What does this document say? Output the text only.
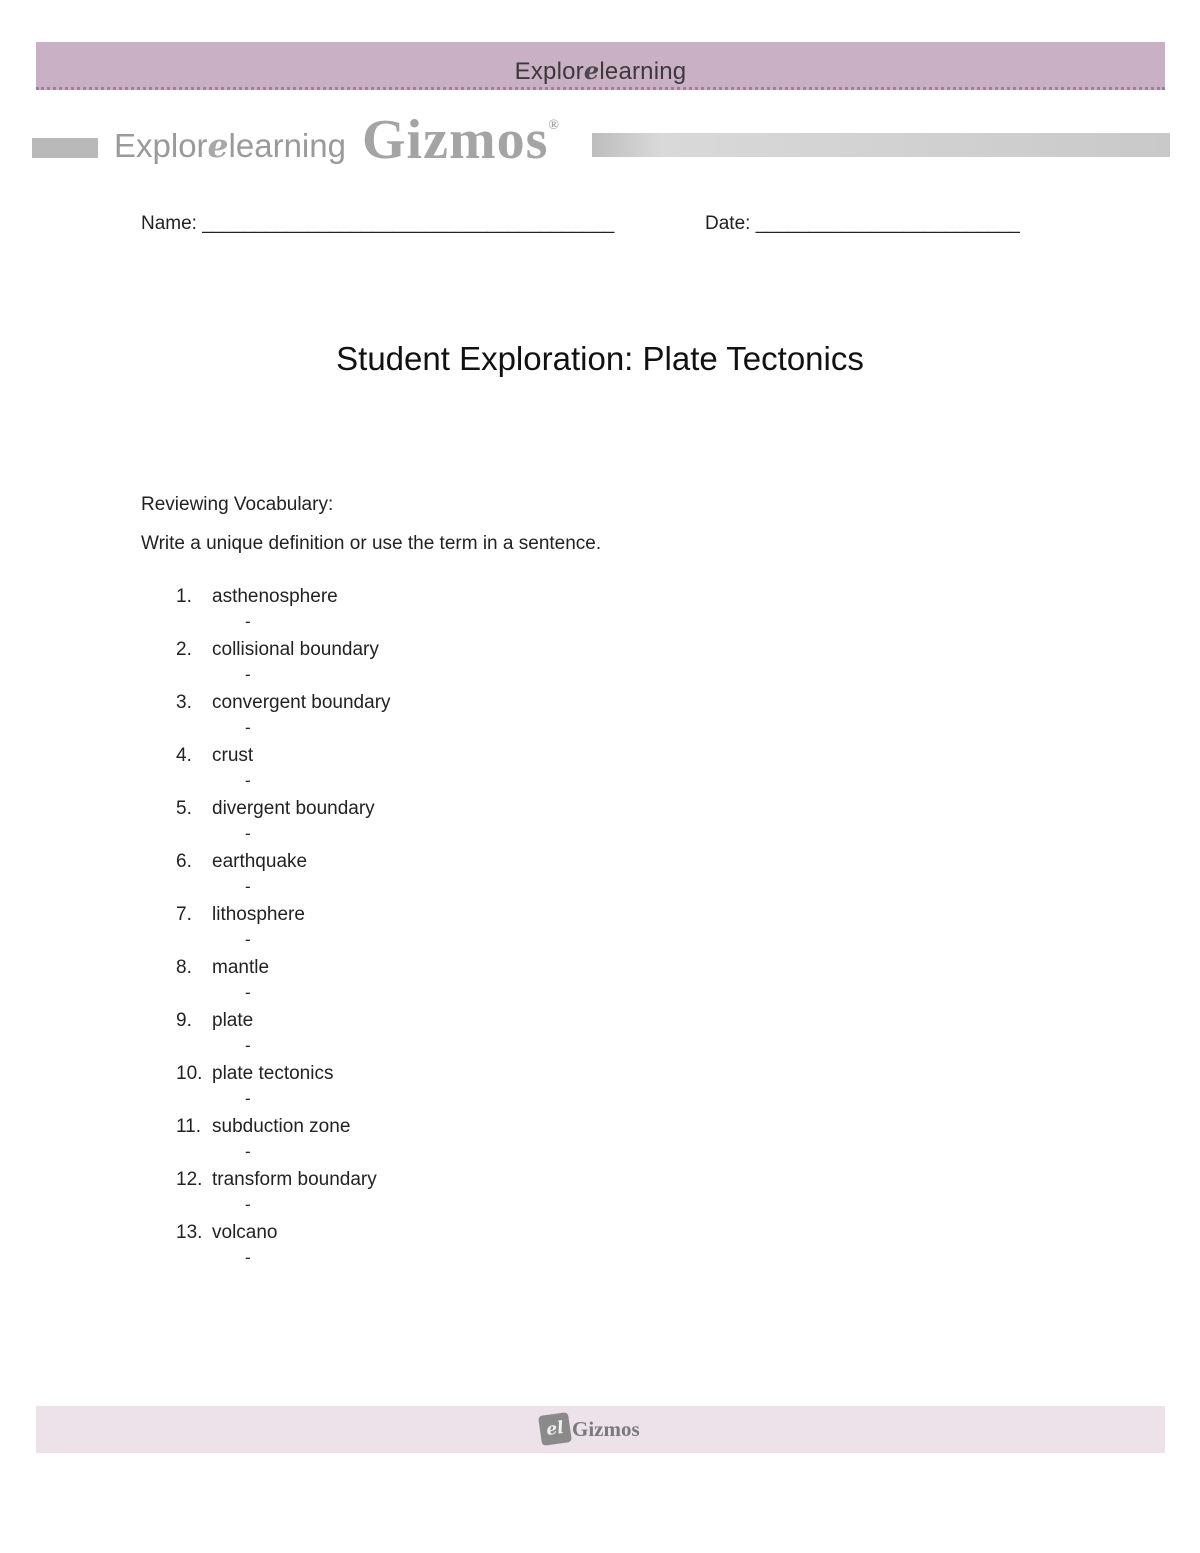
Explorelearning
Explorelearning Gizmos®
Name: _______________________________________	Date: _________________________
Student Exploration: Plate Tectonics
Reviewing Vocabulary:
Write a unique definition or use the term in a sentence.
1. asthenosphere
-
2. collisional boundary
-
3. convergent boundary
-
4. crust
-
5. divergent boundary
-
6. earthquake
-
7. lithosphere
-
8. mantle
-
9. plate
-
10. plate tectonics
-
11. subduction zone
-
12. transform boundary
-
13. volcano
-
el Gizmos
